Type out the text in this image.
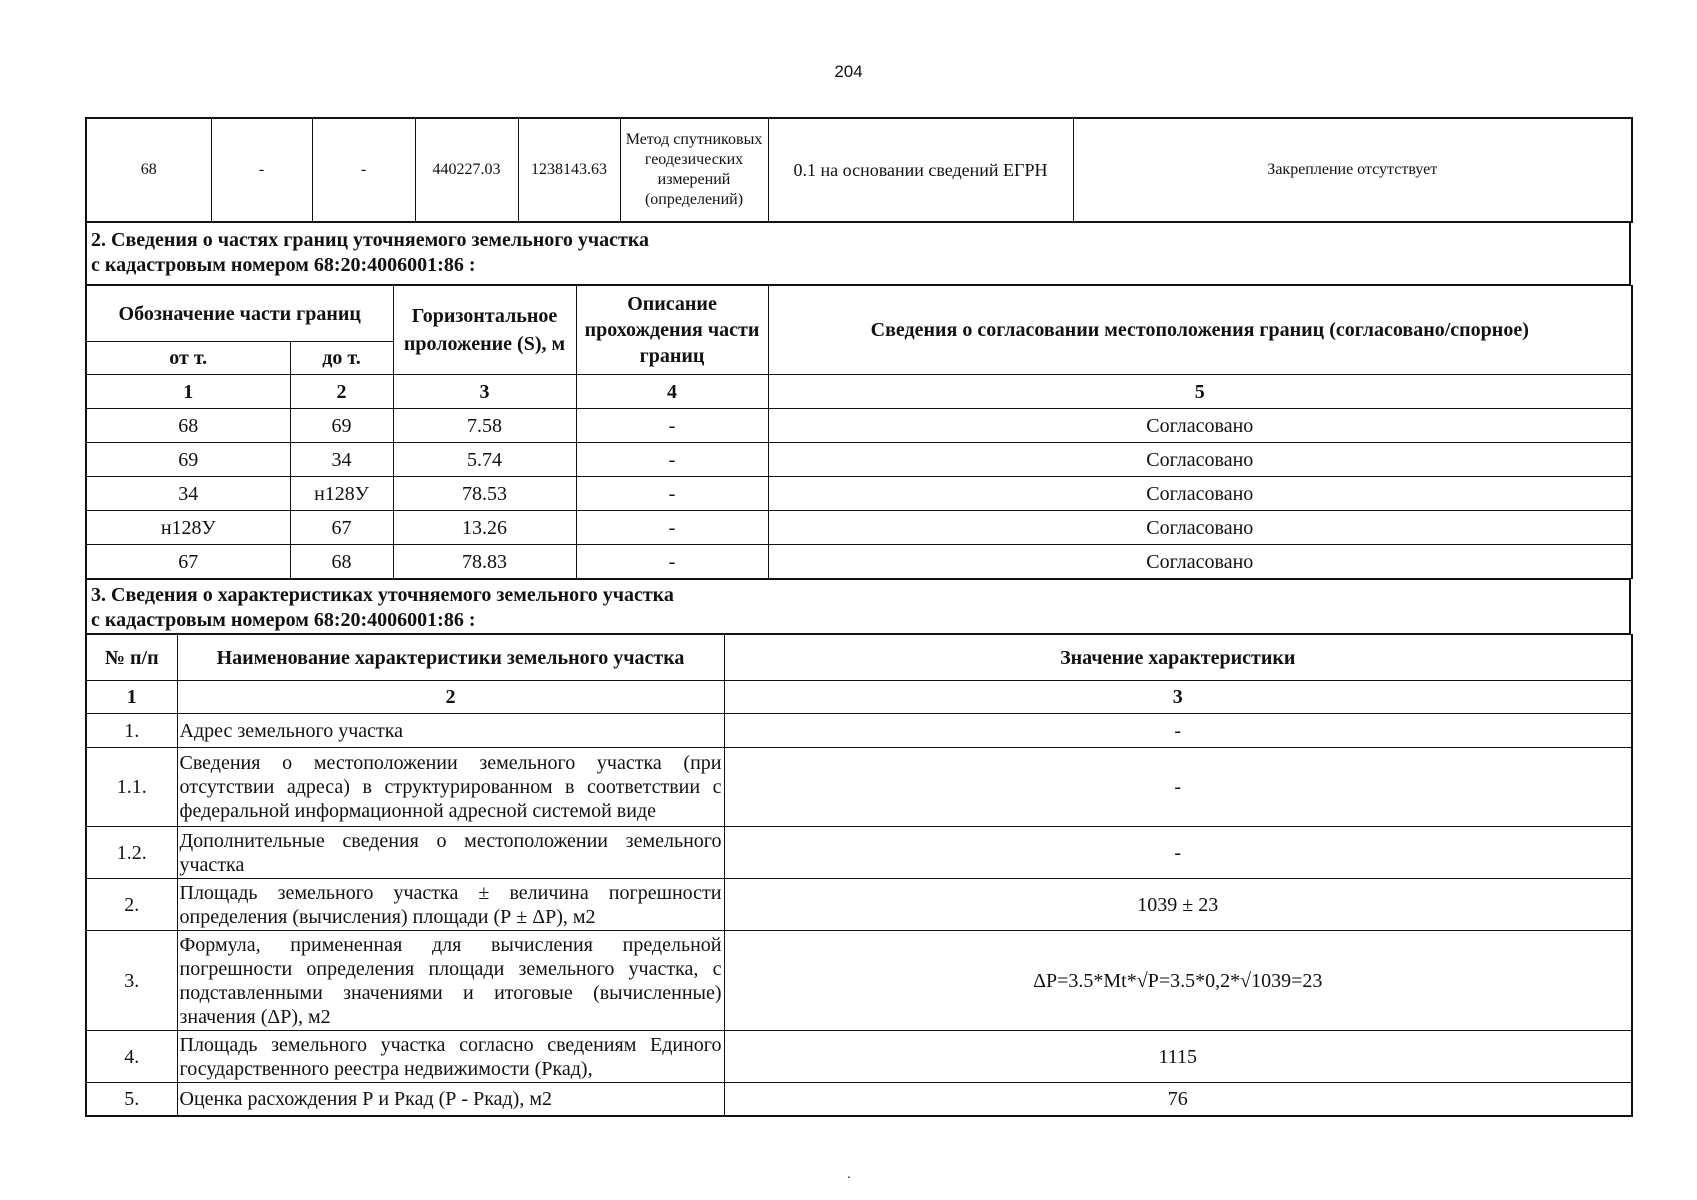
204
68	-	-	440227.03	1238143.63	Метод спутниковых геодезических измерений (определений)	0.1 на основании сведений ЕГРН	Закрепление отсутствует
2. Сведения о частях границ уточняемого земельного участка
с кадастровым номером 68:20:4006001:86 :
Обозначение части границ		Горизонтальное проложение (S), м	Описание прохождения части границ	Сведения о согласовании местоположения границ (согласовано/спорное)
от т.	до т.			
1	2	3	4	5
68	69	7.58	-	Согласовано
69	34	5.74	-	Согласовано
34	н128У	78.53	-	Согласовано
н128У	67	13.26	-	Согласовано
67	68	78.83	-	Согласовано
3. Сведения о характеристиках уточняемого земельного участка
с кадастровым номером 68:20:4006001:86 :
№ п/п	Наименование характеристики земельного участка	Значение характеристики
1	2	3
1.	Адрес земельного участка	-
1.1.	Сведения о местоположении земельного участка (при отсутствии адреса) в структурированном в соответствии с федеральной информационной адресной системой виде	-
1.2.	Дополнительные сведения о местоположении земельного участка	-
2.	Площадь земельного участка ± величина погрешности определения (вычисления) площади (Р ± ΔР), м2	1039 ± 23
3.	Формула, примененная для вычисления предельной погрешности определения площади земельного участка, с подставленными значениями и итоговые (вычисленные) значения (ΔР), м2	ΔР=3.5*Mt*√P=3.5*0,2*√1039=23
4.	Площадь земельного участка согласно сведениям Единого государственного реестра недвижимости (Ркад),	1115
5.	Оценка расхождения Р и Ркад (Р - Ркад), м2	76
.
